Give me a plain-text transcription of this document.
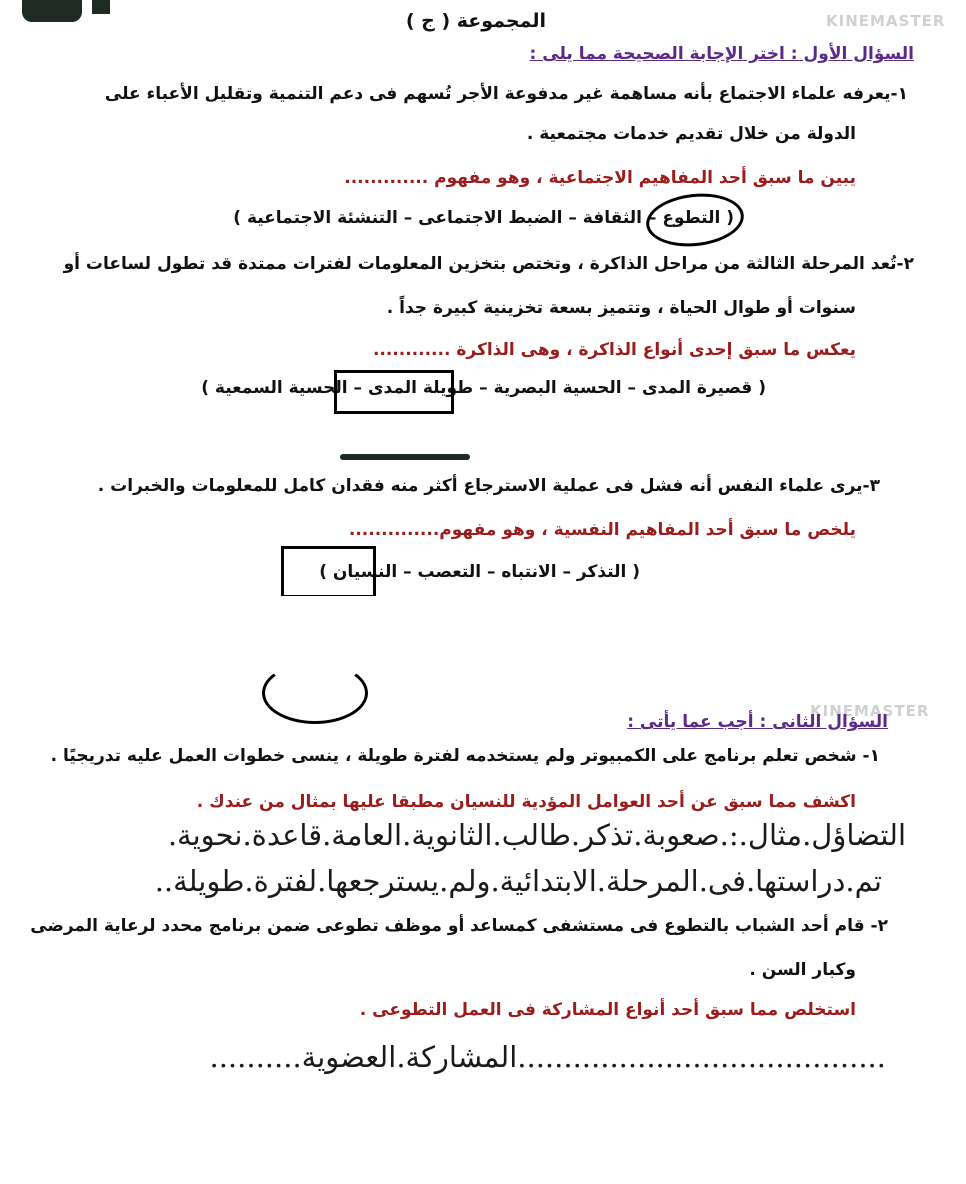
KINEMASTER
المجموعة ( ج )
السؤال الأول : اختر الإجابة الصحيحة مما يلى :
١-يعرفه علماء الاجتماع بأنه مساهمة غير مدفوعة الأجر تُسهم فى دعم التنمية وتقليل الأعباء على
الدولة من خلال تقديم خدمات مجتمعية .
يبين ما سبق أحد المفاهيم الاجتماعية ، وهو مفهوم .............
( التطوع – الثقافة – الضبط الاجتماعى – التنشئة الاجتماعية )
٢-تُعد المرحلة الثالثة من مراحل الذاكرة ، وتختص بتخزين المعلومات لفترات ممتدة قد تطول لساعات أو
سنوات أو طوال الحياة ، وتتميز بسعة تخزينية كبيرة جداً .
يعكس ما سبق إحدى أنواع الذاكرة ، وهى الذاكرة ............
( قصيرة المدى – الحسية البصرية – طويلة المدى – الحسية السمعية )
٣-يرى علماء النفس أنه فشل فى عملية الاسترجاع أكثر منه فقدان كامل للمعلومات والخبرات .
يلخص ما سبق أحد المفاهيم النفسية ، وهو مفهوم..............
( التذكر – الانتباه – التعصب – النسيان )
KINEMASTER
السؤال الثانى : أجب عما يأتى :
١- شخص تعلم برنامج على الكمبيوتر ولم يستخدمه لفترة طويلة ، ينسى خطوات العمل عليه تدريجيًا .
اكشف مما سبق عن أحد العوامل المؤدية للنسيان مطبقا عليها بمثال من عندك .
التضاؤل.مثال.:.صعوبة.تذكر.طالب.الثانوية.العامة.قاعدة.نحوية.
تم.دراستها.فى.المرحلة.الابتدائية.ولم.يسترجعها.لفترة.طويلة..
٢- قام أحد الشباب بالتطوع فى مستشفى كمساعد أو موظف تطوعى ضمن برنامج محدد لرعاية المرضى
وكبار السن .
استخلص مما سبق أحد أنواع المشاركة فى العمل التطوعى .
........................................المشاركة.العضوية..........
